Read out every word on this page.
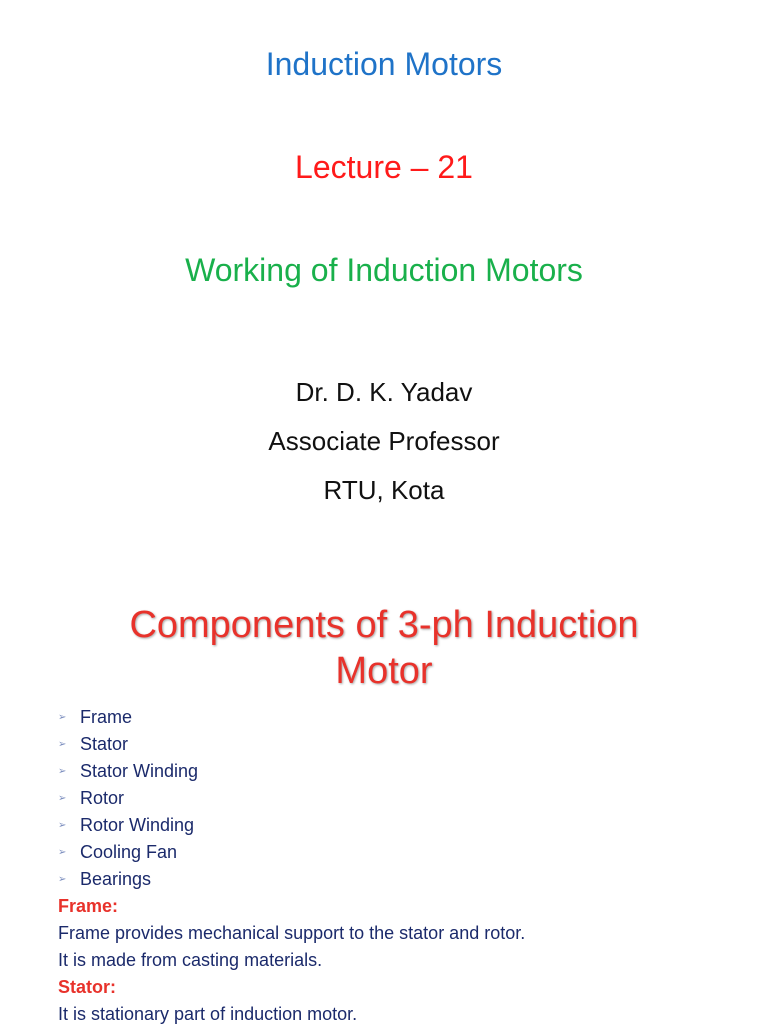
Induction Motors
Lecture – 21
Working of Induction Motors
Dr. D. K. Yadav
Associate Professor
RTU, Kota
Components of 3-ph Induction
Motor
➢ Frame
➢ Stator
➢ Stator Winding
➢ Rotor
➢ Rotor Winding
➢ Cooling Fan
➢ Bearings
Frame:
Frame provides mechanical support to the stator and rotor.
It is made from casting materials.
Stator:
It is stationary part of induction motor.
